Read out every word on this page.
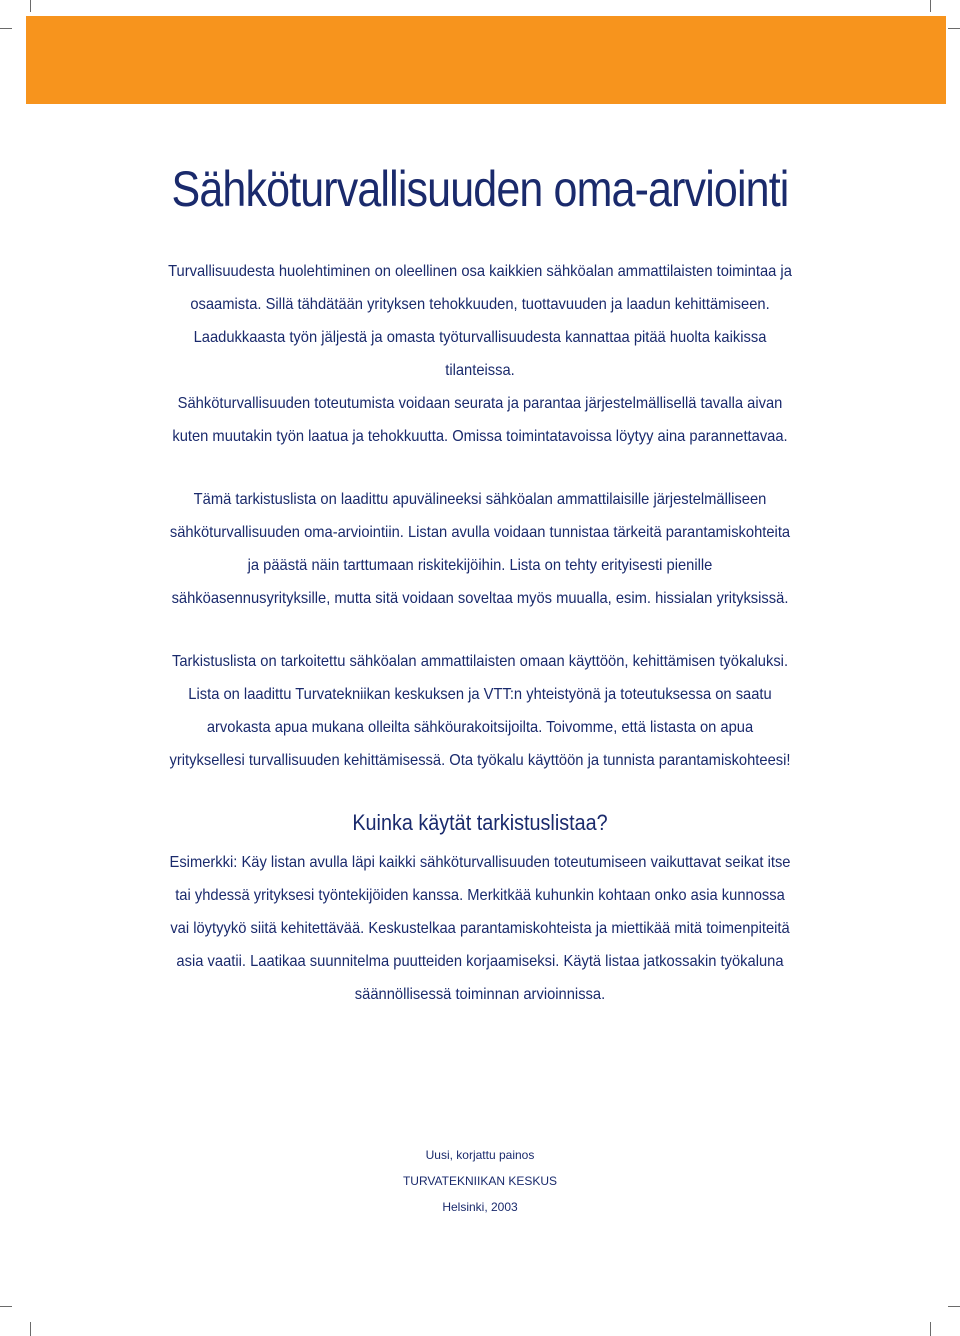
Sähköturvallisuuden oma-arviointi

Turvallisuudesta huolehtiminen on oleellinen osa kaikkien sähköalan ammattilaisten toimintaa ja osaamista. Sillä tähdätään yrityksen tehokkuuden, tuottavuuden ja laadun kehittämiseen. Laadukkaasta työn jäljestä ja omasta työturvallisuudesta kannattaa pitää huolta kaikissa tilanteissa.

Sähköturvallisuuden toteutumista voidaan seurata ja parantaa järjestelmällisellä tavalla aivan kuten muutakin työn laatua ja tehokkuutta. Omissa toimintatavoissa löytyy aina parannettavaa.

Tämä tarkistuslista on laadittu apuvälineeksi sähköalan ammattilaisille järjestelmälliseen sähköturvallisuuden oma-arviointiin. Listan avulla voidaan tunnistaa tärkeitä parantamiskohteita ja päästä näin tarttumaan riskitekijöihin. Lista on tehty erityisesti pienille sähköasennusyrityksille, mutta sitä voidaan soveltaa myös muualla, esim. hissialan yrityksissä.

Tarkistuslista on tarkoitettu sähköalan ammattilaisten omaan käyttöön, kehittämisen työkaluksi. Lista on laadittu Turvatekniikan keskuksen ja VTT:n yhteistyönä ja toteutuksessa on saatu arvokasta apua mukana olleilta sähköurakoitsijoilta. Toivomme, että listasta on apua yrityksellesi turvallisuuden kehittämisessä. Ota työkalu käyttöön ja tunnista parantamiskohteesi!

Kuinka käytät tarkistuslistaa?

Esimerkki: Käy listan avulla läpi kaikki sähköturvallisuuden toteutumiseen vaikuttavat seikat itse tai yhdessä yrityksesi työntekijöiden kanssa. Merkitkää kuhunkin kohtaan onko asia kunnossa vai löytyykö siitä kehitettävää. Keskustelkaa parantamiskohteista ja miettikää mitä toimenpiteitä asia vaatii. Laatikaa suunnitelma puutteiden korjaamiseksi. Käytä listaa jatkossakin työkaluna säännöllisessä toiminnan arvioinnissa.

Uusi, korjattu painos
TURVATEKNIIKAN KESKUS
Helsinki, 2003
